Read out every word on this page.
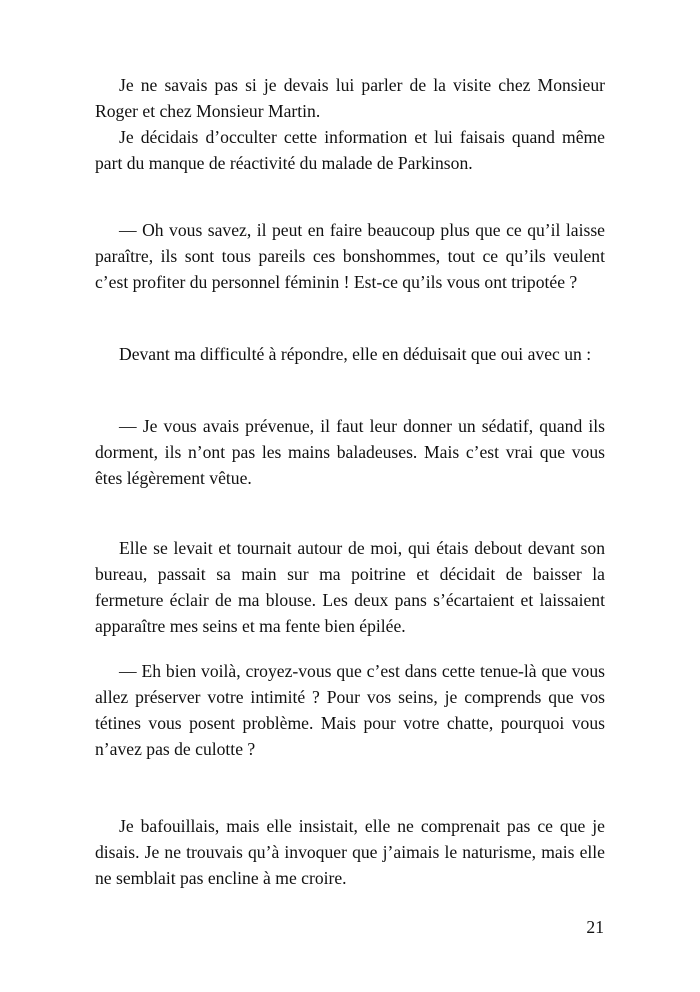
Je ne savais pas si je devais lui parler de la visite chez Monsieur Roger et chez Monsieur Martin.

Je décidais d’occulter cette information et lui faisais quand même part du manque de réactivité du malade de Parkinson.

— Oh vous savez, il peut en faire beaucoup plus que ce qu’il laisse paraître, ils sont tous pareils ces bonshommes, tout ce qu’ils veulent c’est profiter du personnel féminin ! Est-ce qu’ils vous ont tripotée ?

Devant ma difficulté à répondre, elle en déduisait que oui avec un :

— Je vous avais prévenue, il faut leur donner un sédatif, quand ils dorment, ils n’ont pas les mains baladeuses. Mais c’est vrai que vous êtes légèrement vêtue.

Elle se levait et tournait autour de moi, qui étais debout devant son bureau, passait sa main sur ma poitrine et décidait de baisser la fermeture éclair de ma blouse. Les deux pans s’écartaient et laissaient apparaître mes seins et ma fente bien épilée.

— Eh bien voilà, croyez-vous que c’est dans cette tenue-là que vous allez préserver votre intimité ? Pour vos seins, je comprends que vos tétines vous posent problème. Mais pour votre chatte, pourquoi vous n’avez pas de culotte ?

Je bafouillais, mais elle insistait, elle ne comprenait pas ce que je disais. Je ne trouvais qu’à invoquer que j’aimais le naturisme, mais elle ne semblait pas encline à me croire.

21
